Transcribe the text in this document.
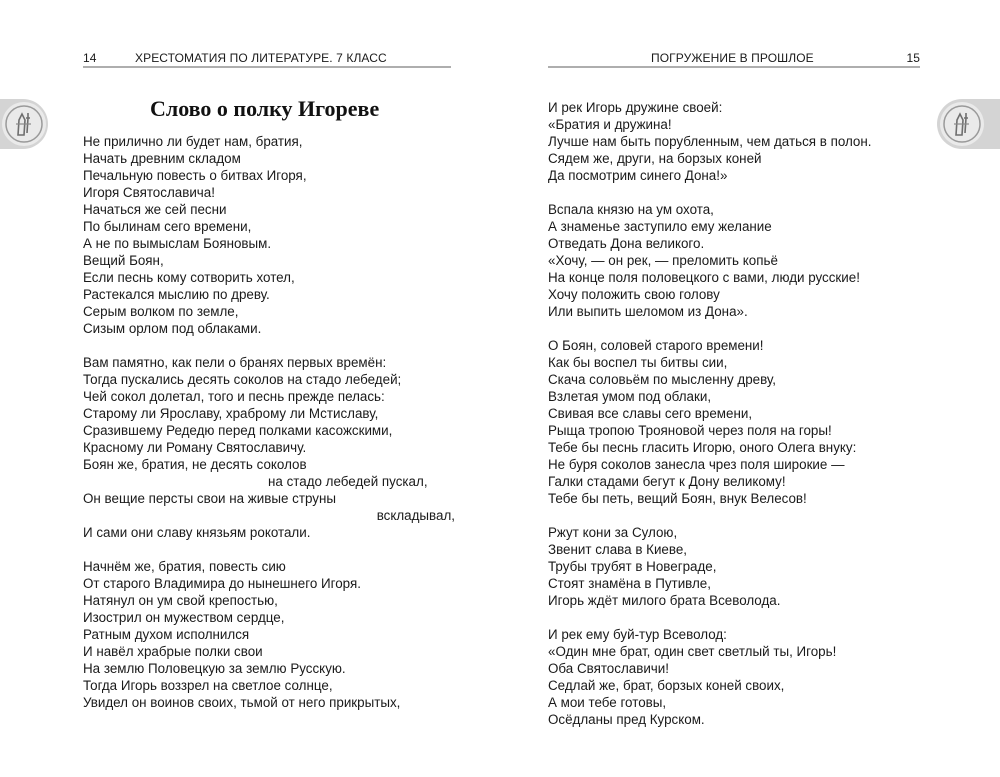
14	ХРЕСТОМАТИЯ ПО ЛИТЕРАТУРЕ. 7 КЛАСС
Слово о полку Игореве
Не прилично ли будет нам, братия,
Начать древним складом
Печальную повесть о битвах Игоря,
Игоря Святославича!
Начаться же сей песни
По былинам сего времени,
А не по вымыслам Бояновым.
Вещий Боян,
Если песнь кому сотворить хотел,
Растекался мыслию по древу.
Серым волком по земле,
Сизым орлом под облаками.
Вам памятно, как пели о бранях первых времён:
Тогда пускались десять соколов на стадо лебедей;
Чей сокол долетал, того и песнь прежде пелась:
Старому ли Ярославу, храброму ли Мстиславу,
Сразившему Редедю перед полками касожскими,
Красному ли Роману Святославичу.
Боян же, братия, не десять соколов
на стадо лебедей пускал,
Он вещие персты свои на живые струны
вскладывал,
И сами они славу князьям рокотали.
Начнём же, братия, повесть сию
От старого Владимира до нынешнего Игоря.
Натянул он ум свой крепостью,
Изострил он мужеством сердце,
Ратным духом исполнился
И навёл храбрые полки свои
На землю Половецкую за землю Русскую.
Тогда Игорь воззрел на светлое солнце,
Увидел он воинов своих, тьмой от него прикрытых,
ПОГРУЖЕНИЕ В ПРОШЛОЕ	15
И рек Игорь дружине своей:
«Братия и дружина!
Лучше нам быть порубленным, чем даться в полон.
Сядем же, други, на борзых коней
Да посмотрим синего Дона!»
Вспала князю на ум охота,
А знаменье заступило ему желание
Отведать Дона великого.
«Хочу, — он рек, — преломить копьё
На конце поля половецкого с вами, люди русские!
Хочу положить свою голову
Или выпить шеломом из Дона».
О Боян, соловей старого времени!
Как бы воспел ты битвы сии,
Скача соловьём по мысленну древу,
Взлетая умом под облаки,
Свивая все славы сего времени,
Рыща тропою Трояновой через поля на горы!
Тебе бы песнь гласить Игорю, оного Олега внуку:
Не буря соколов занесла чрез поля широкие —
Галки стадами бегут к Дону великому!
Тебе бы петь, вещий Боян, внук Велесов!
Ржут кони за Сулою,
Звенит слава в Киеве,
Трубы трубят в Новеграде,
Стоят знамёна в Путивле,
Игорь ждёт милого брата Всеволода.
И рек ему буй-тур Всеволод:
«Один мне брат, один свет светлый ты, Игорь!
Оба Святославичи!
Седлай же, брат, борзых коней своих,
А мои тебе готовы,
Осёдланы пред Курском.
